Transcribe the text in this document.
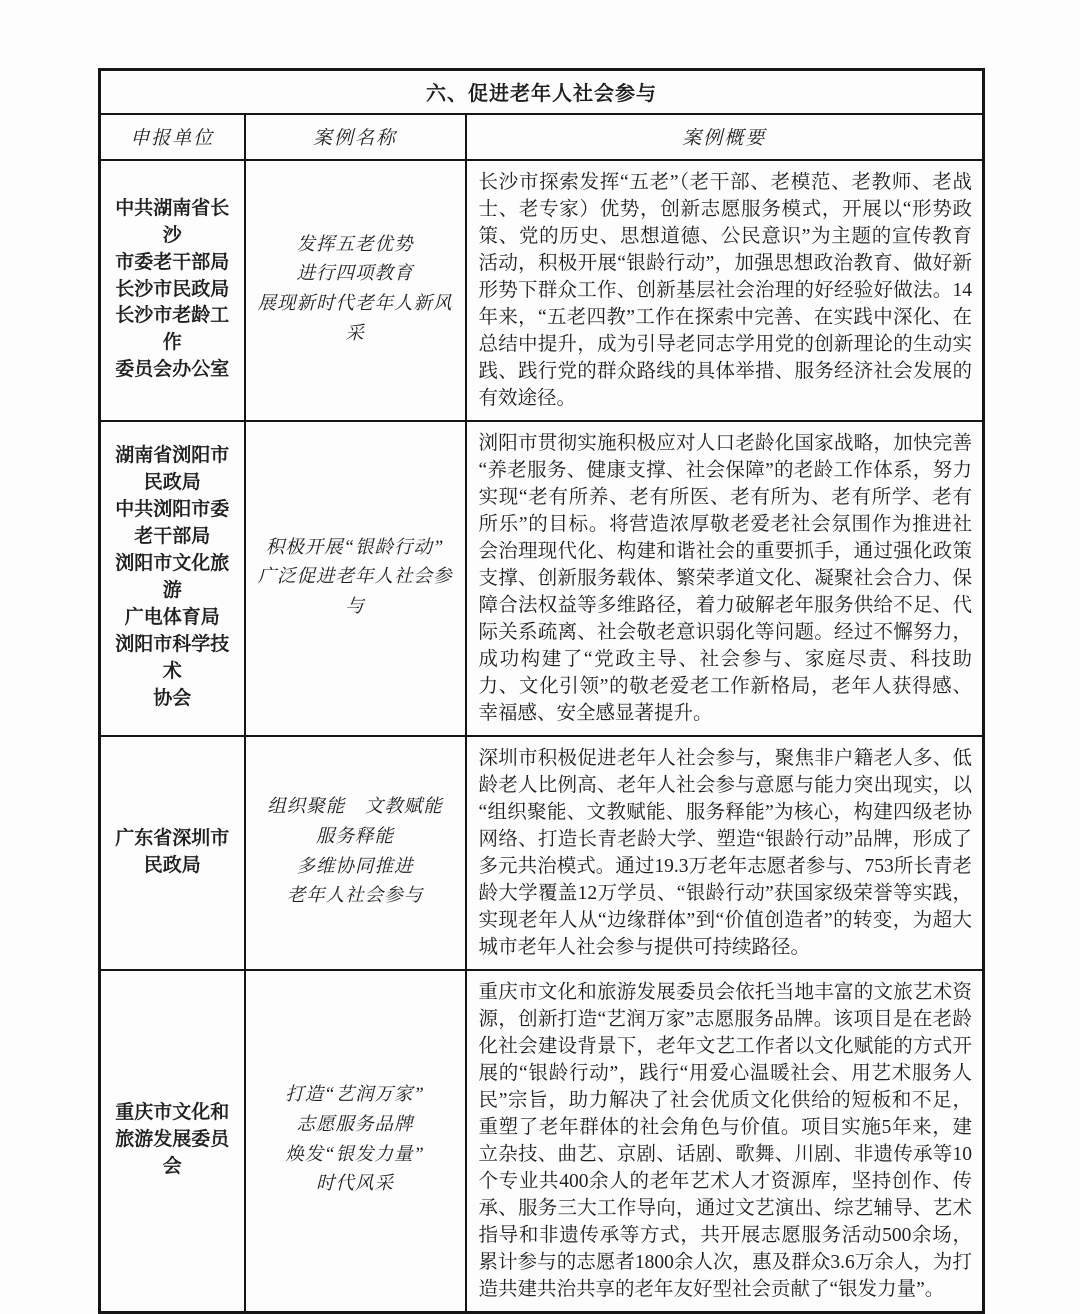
六、促进老年人社会参与		
申报单位	案例名称	案例概要
中共湖南省长沙
市委老干部局
长沙市民政局
长沙市老龄工作
委员会办公室	发挥五老优势
进行四项教育
展现新时代老年人新风采	长沙市探索发挥“五老”（老干部、老模范、老教师、老战士、老专家）优势，创新志愿服务模式，开展以“形势政策、党的历史、思想道德、公民意识”为主题的宣传教育活动，积极开展“银龄行动”，加强思想政治教育、做好新形势下群众工作、创新基层社会治理的好经验好做法。14年来，“五老四教”工作在探索中完善、在实践中深化、在总结中提升，成为引导老同志学用党的创新理论的生动实践、践行党的群众路线的具体举措、服务经济社会发展的有效途径。
湖南省浏阳市
民政局
中共浏阳市委
老干部局
浏阳市文化旅游
广电体育局
浏阳市科学技术
协会	积极开展“银龄行动”
广泛促进老年人社会参与	浏阳市贯彻实施积极应对人口老龄化国家战略，加快完善“养老服务、健康支撑、社会保障”的老龄工作体系，努力实现“老有所养、老有所医、老有所为、老有所学、老有所乐”的目标。将营造浓厚敬老爱老社会氛围作为推进社会治理现代化、构建和谐社会的重要抓手，通过强化政策支撑、创新服务载体、繁荣孝道文化、凝聚社会合力、保障合法权益等多维路径，着力破解老年服务供给不足、代际关系疏离、社会敬老意识弱化等问题。经过不懈努力，成功构建了“党政主导、社会参与、家庭尽责、科技助力、文化引领”的敬老爱老工作新格局，老年人获得感、幸福感、安全感显著提升。
广东省深圳市
民政局	组织聚能　文教赋能
服务释能
多维协同推进
老年人社会参与	深圳市积极促进老年人社会参与，聚焦非户籍老人多、低龄老人比例高、老年人社会参与意愿与能力突出现实，以“组织聚能、文教赋能、服务释能”为核心，构建四级老协网络、打造长青老龄大学、塑造“银龄行动”品牌，形成了多元共治模式。通过19.3万老年志愿者参与、753所长青老龄大学覆盖12万学员、“银龄行动”获国家级荣誉等实践，实现老年人从“边缘群体”到“价值创造者”的转变，为超大城市老年人社会参与提供可持续路径。
重庆市文化和
旅游发展委员会	打造“艺润万家”
志愿服务品牌
焕发“银发力量”
时代风采	重庆市文化和旅游发展委员会依托当地丰富的文旅艺术资源，创新打造“艺润万家”志愿服务品牌。该项目是在老龄化社会建设背景下，老年文艺工作者以文化赋能的方式开展的“银龄行动”，践行“用爱心温暖社会、用艺术服务人民”宗旨，助力解决了社会优质文化供给的短板和不足，重塑了老年群体的社会角色与价值。项目实施5年来，建立杂技、曲艺、京剧、话剧、歌舞、川剧、非遗传承等10个专业共400余人的老年艺术人才资源库，坚持创作、传承、服务三大工作导向，通过文艺演出、综艺辅导、艺术指导和非遗传承等方式，共开展志愿服务活动500余场，累计参与的志愿者1800余人次，惠及群众3.6万余人，为打造共建共治共享的老年友好型社会贡献了“银发力量”。
